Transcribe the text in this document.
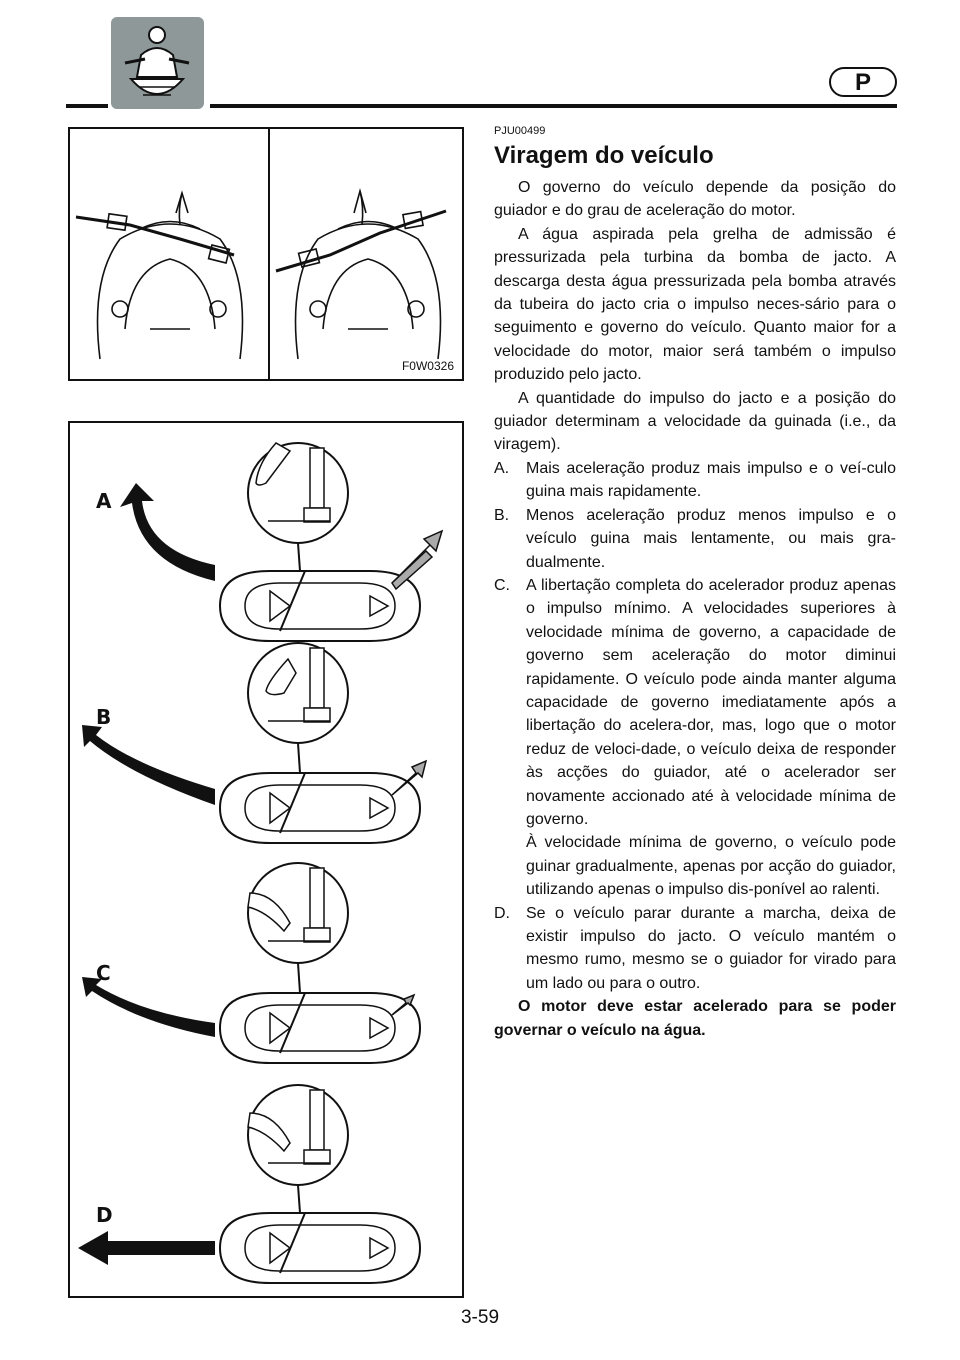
P
F0W0326
A
B
C
D
PJU00499
Viragem do veículo

O governo do veículo depende da posição do guiador e do grau de aceleração do motor.

A água aspirada pela grelha de admissão é pressurizada pela turbina da bomba de jacto. A descarga desta água pressurizada pela bomba através da tubeira do jacto cria o impulso neces-sário para o seguimento e governo do veículo. Quanto maior for a velocidade do motor, maior será também o impulso produzido pelo jacto.

A quantidade do impulso do jacto e a posição do guiador determinam a velocidade da guinada (i.e., da viragem).

A.	Mais aceleração produz mais impulso e o veí-culo guina mais rapidamente.
B.	Menos aceleração produz menos impulso e o veículo guina mais lentamente, ou mais gra-dualmente.
C.	A libertação completa do acelerador produz apenas o impulso mínimo. A velocidades superiores à velocidade mínima de governo, a capacidade de governo sem aceleração do motor diminui rapidamente. O veículo pode ainda manter alguma capacidade de governo imediatamente após a libertação do acelera-dor, mas, logo que o motor reduz de veloci-dade, o veículo deixa de responder às acções do guiador, até o acelerador ser novamente accionado até à velocidade mínima de governo.

À velocidade mínima de governo, o veículo pode guinar gradualmente, apenas por acção do guiador, utilizando apenas o impulso dis-ponível ao ralenti.

D.	Se o veículo parar durante a marcha, deixa de existir impulso do jacto. O veículo mantém o mesmo rumo, mesmo se o guiador for virado para um lado ou para o outro.

O motor deve estar acelerado para se poder governar o veículo na água.

3-59
